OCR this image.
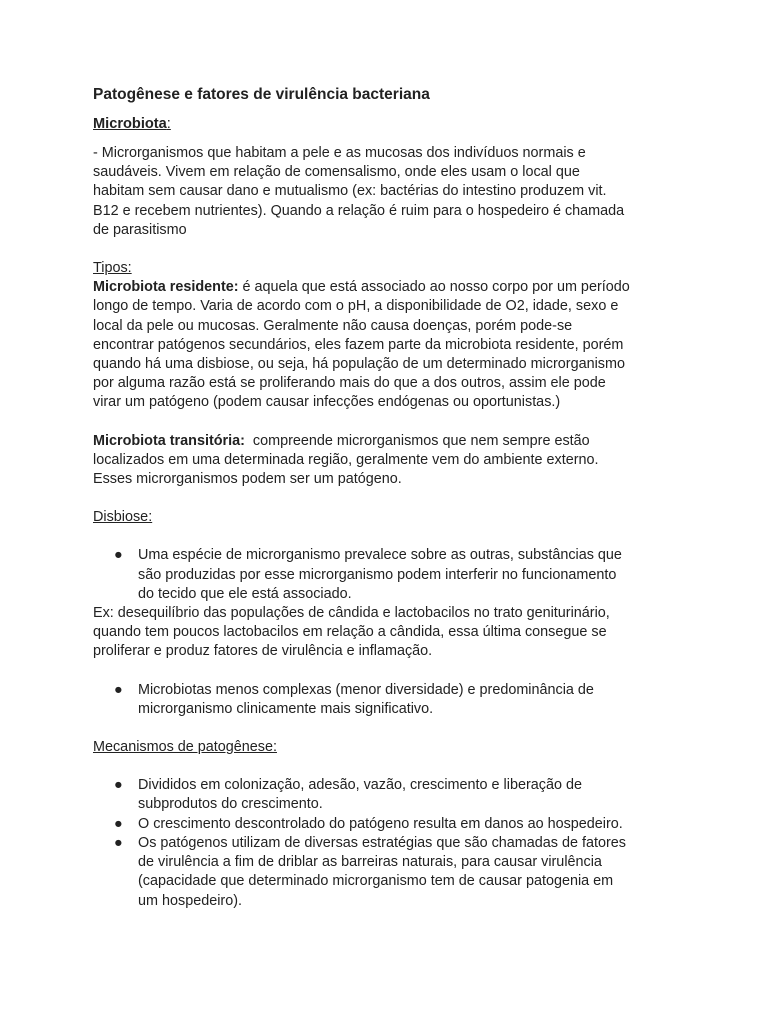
Patogênese e fatores de virulência bacteriana
Microbiota:
- Microrganismos que habitam a pele e as mucosas dos indivíduos normais e
saudáveis. Vivem em relação de comensalismo, onde eles usam o local que
habitam sem causar dano e mutualismo (ex: bactérias do intestino produzem vit.
B12 e recebem nutrientes). Quando a relação é ruim para o hospedeiro é chamada
de parasitismo
Tipos:
Microbiota residente: é aquela que está associado ao nosso corpo por um período
longo de tempo. Varia de acordo com o pH, a disponibilidade de O2, idade, sexo e
local da pele ou mucosas. Geralmente não causa doenças, porém pode-se
encontrar patógenos secundários, eles fazem parte da microbiota residente, porém
quando há uma disbiose, ou seja, há população de um determinado microrganismo
por alguma razão está se proliferando mais do que a dos outros, assim ele pode
virar um patógeno (podem causar infecções endógenas ou oportunistas.)
Microbiota transitória:  compreende microrganismos que nem sempre estão
localizados em uma determinada região, geralmente vem do ambiente externo.
Esses microrganismos podem ser um patógeno.
Disbiose:
● Uma espécie de microrganismo prevalece sobre as outras, substâncias que
são produzidas por esse microrganismo podem interferir no funcionamento
do tecido que ele está associado.
Ex: desequilíbrio das populações de cândida e lactobacilos no trato geniturinário,
quando tem poucos lactobacilos em relação a cândida, essa última consegue se
proliferar e produz fatores de virulência e inflamação.
● Microbiotas menos complexas (menor diversidade) e predominância de
microrganismo clinicamente mais significativo.
Mecanismos de patogênese:
● Divididos em colonização, adesão, vazão, crescimento e liberação de
subprodutos do crescimento.
● O crescimento descontrolado do patógeno resulta em danos ao hospedeiro.
● Os patógenos utilizam de diversas estratégias que são chamadas de fatores
de virulência a fim de driblar as barreiras naturais, para causar virulência
(capacidade que determinado microrganismo tem de causar patogenia em
um hospedeiro).
